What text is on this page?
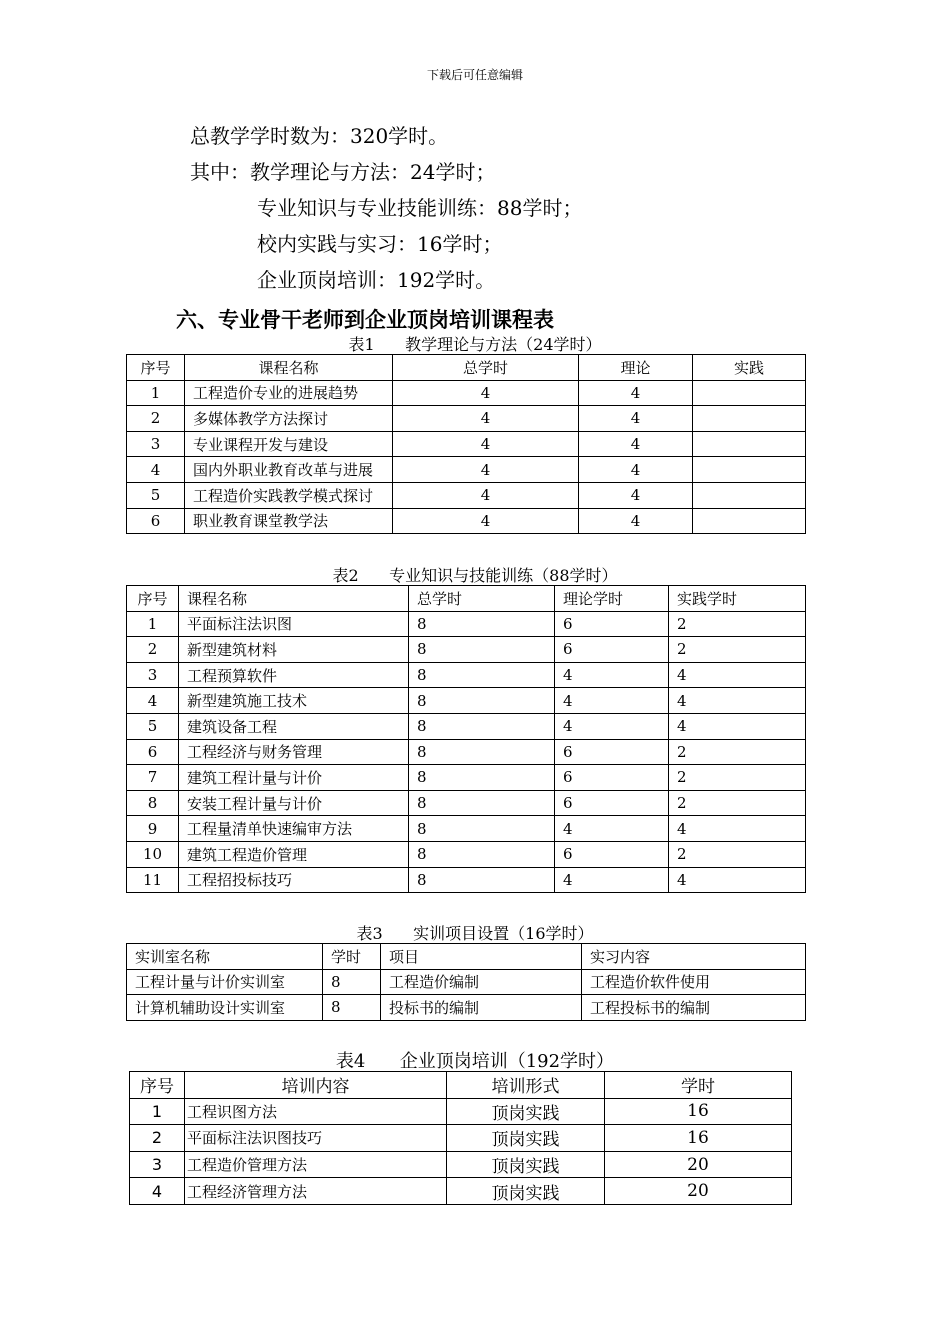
下载后可任意编辑
总教学学时数为：320学时。
其中：教学理论与方法：24学时；
专业知识与专业技能训练：88学时；
校内实践与实习：16学时；
企业顶岗培训：192学时。
六、专业骨干老师到企业顶岗培训课程表
表1      教学理论与方法（24学时）
序号	课程名称	总学时	理论	实践
1	工程造价专业的进展趋势	4	4	
2	多媒体教学方法探讨	4	4	
3	专业课程开发与建设	4	4	
4	国内外职业教育改革与进展	4	4	
5	工程造价实践教学模式探讨	4	4	
6	职业教育课堂教学法	4	4	
表2      专业知识与技能训练（88学时）
序号	课程名称	总学时	理论学时	实践学时
1	平面标注法识图	8	6	2
2	新型建筑材料	8	6	2
3	工程预算软件	8	4	4
4	新型建筑施工技术	8	4	4
5	建筑设备工程	8	4	4
6	工程经济与财务管理	8	6	2
7	建筑工程计量与计价	8	6	2
8	安装工程计量与计价	8	6	2
9	工程量清单快速编审方法	8	4	4
10	建筑工程造价管理	8	6	2
11	工程招投标技巧	8	4	4
表3      实训项目设置（16学时）
实训室名称	学时	项目	实习内容
工程计量与计价实训室	8	工程造价编制	工程造价软件使用
计算机辅助设计实训室	8	投标书的编制	工程投标书的编制
表4      企业顶岗培训（192学时）
序号	培训内容	培训形式	学时
1	工程识图方法	顶岗实践	16
2	平面标注法识图技巧	顶岗实践	16
3	工程造价管理方法	顶岗实践	20
4	工程经济管理方法	顶岗实践	20
